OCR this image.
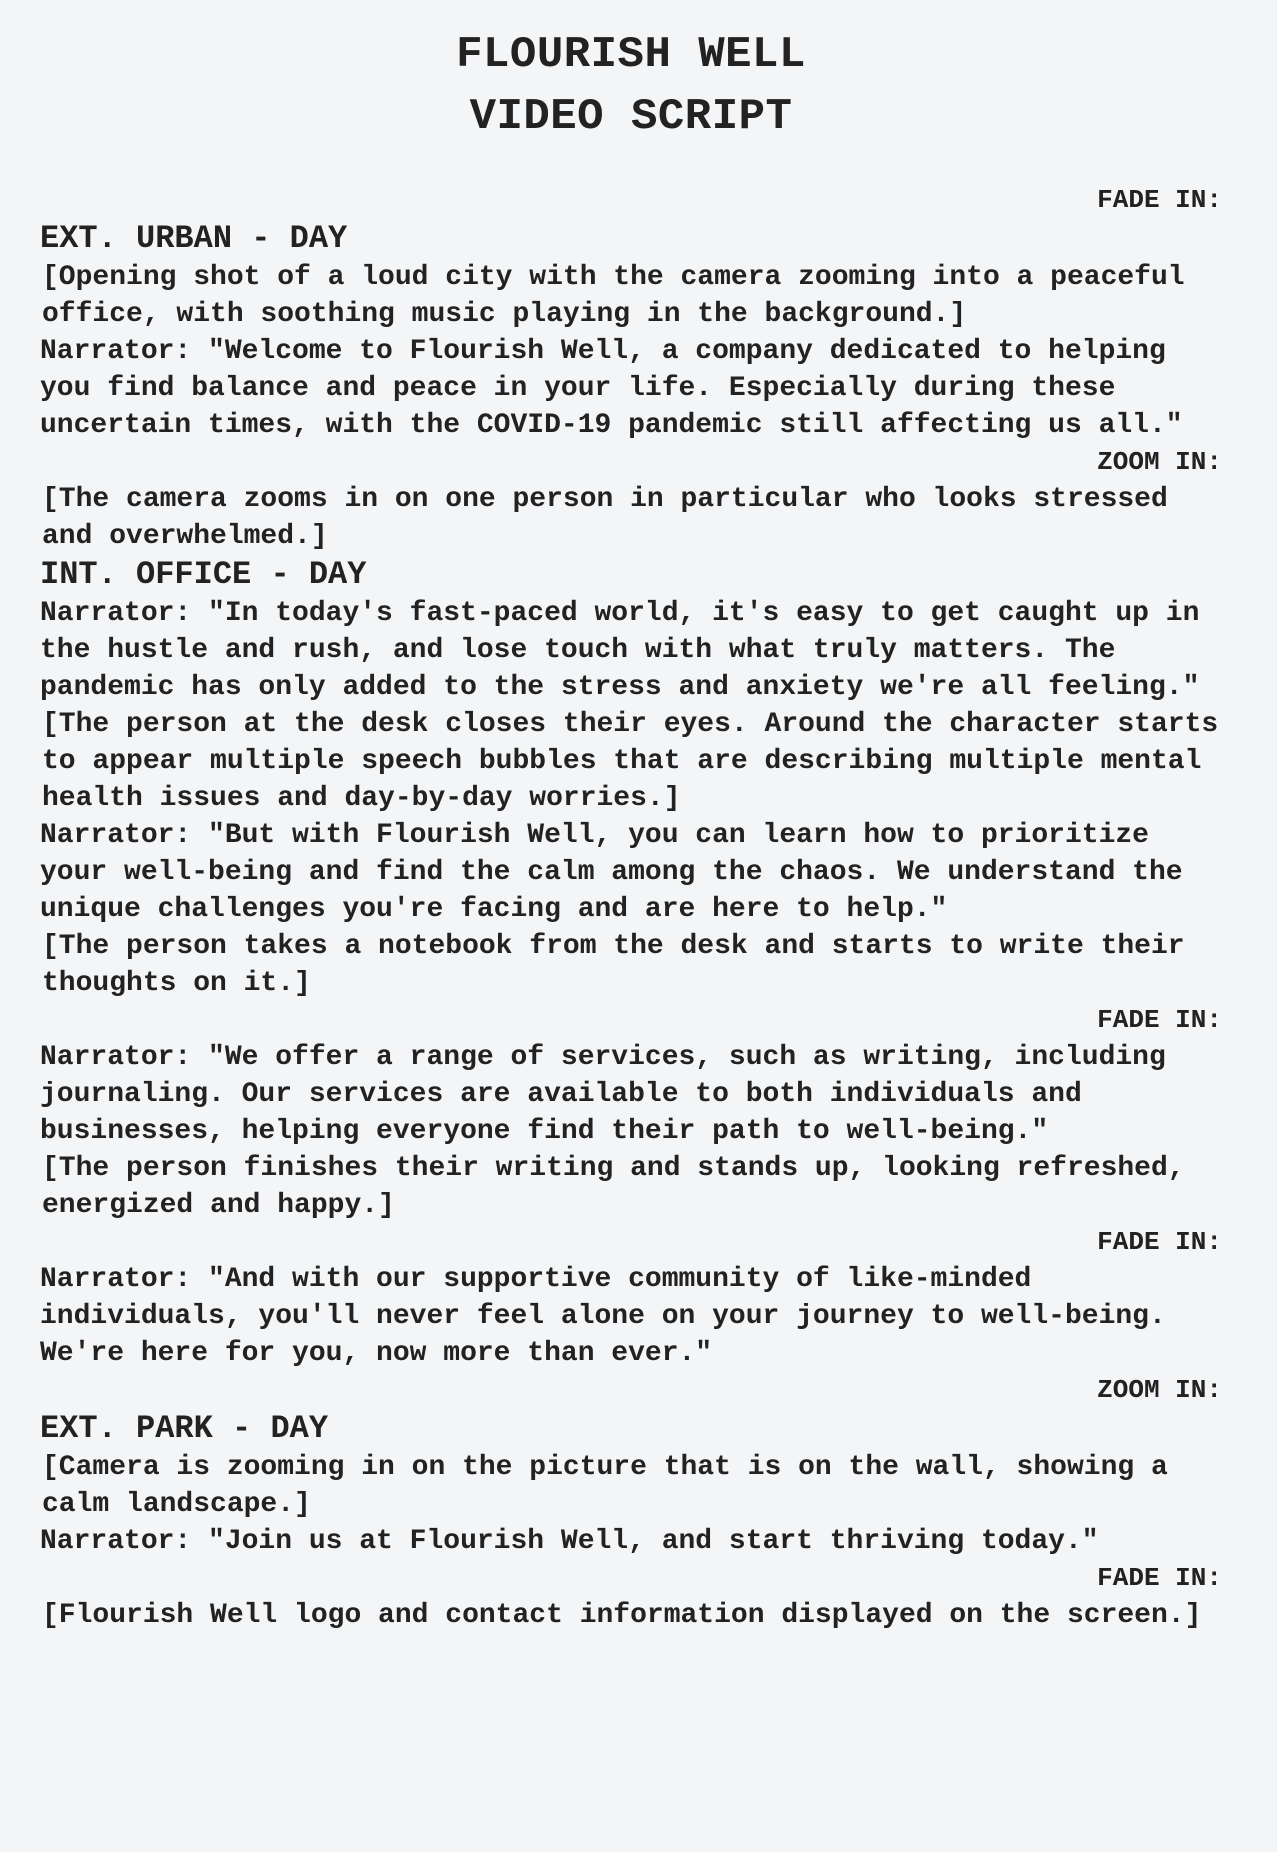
FLOURISH WELL
VIDEO SCRIPT

FADE IN:

EXT. URBAN - DAY

[Opening shot of a loud city with the camera zooming into a peaceful office, with soothing music playing in the background.]

Narrator: "Welcome to Flourish Well, a company dedicated to helping you find balance and peace in your life. Especially during these uncertain times, with the COVID-19 pandemic still affecting us all."

ZOOM IN:

[The camera zooms in on one person in particular who looks stressed and overwhelmed.]

INT. OFFICE - DAY

Narrator: "In today's fast-paced world, it's easy to get caught up in the hustle and rush, and lose touch with what truly matters. The pandemic has only added to the stress and anxiety we're all feeling."

[The person at the desk closes their eyes. Around the character starts to appear multiple speech bubbles that are describing multiple mental health issues and day-by-day worries.]

Narrator: "But with Flourish Well, you can learn how to prioritize your well-being and find the calm among the chaos. We understand the unique challenges you're facing and are here to help."

[The person takes a notebook from the desk and starts to write their thoughts on it.]

FADE IN:

Narrator: "We offer a range of services, such as writing, including journaling. Our services are available to both individuals and businesses, helping everyone find their path to well-being."

[The person finishes their writing and stands up, looking refreshed, energized and happy.]

FADE IN:

Narrator: "And with our supportive community of like-minded individuals, you'll never feel alone on your journey to well-being. We're here for you, now more than ever."

ZOOM IN:

EXT. PARK - DAY

[Camera is zooming in on the picture that is on the wall, showing a calm landscape.]

Narrator: "Join us at Flourish Well, and start thriving today."

FADE IN:

[Flourish Well logo and contact information displayed on the screen.]
